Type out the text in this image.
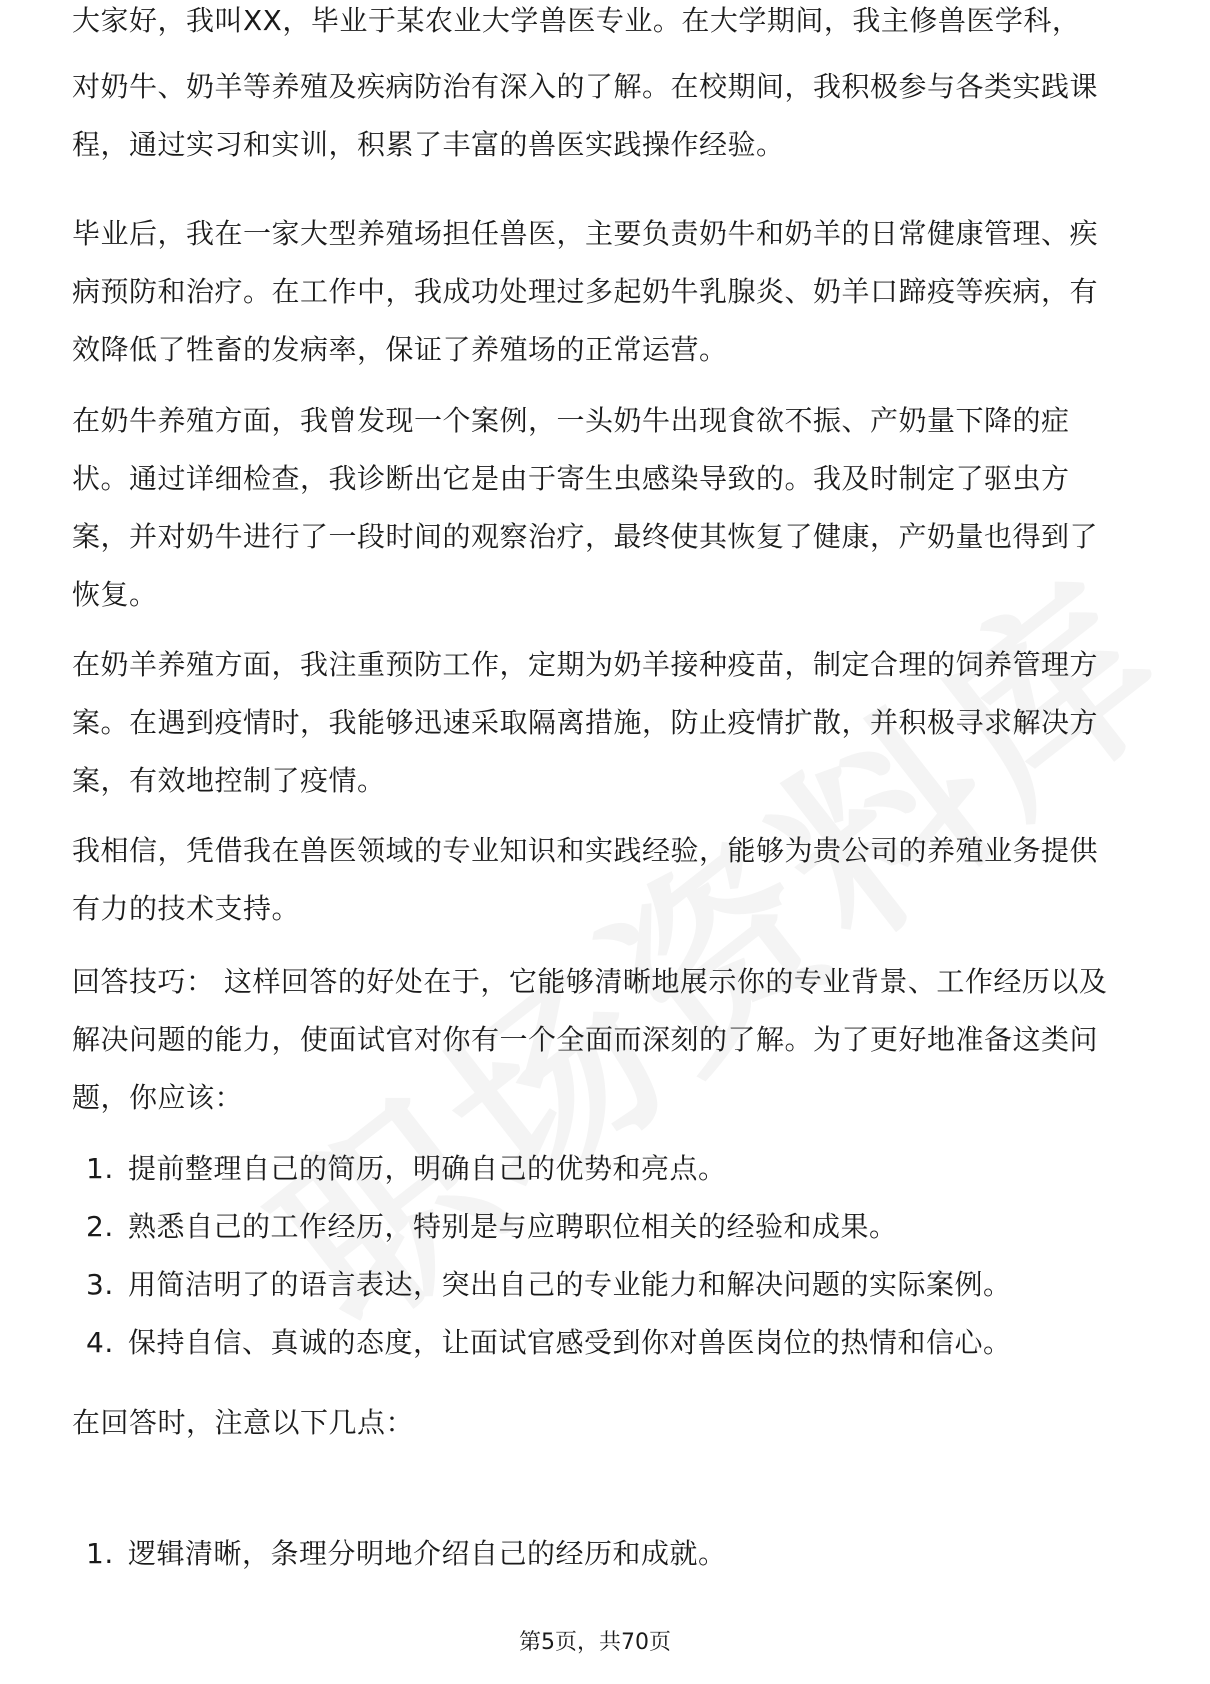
大家好，我叫XX，毕业于某农业大学兽医专业。在大学期间，我主修兽医学科，

对奶牛、奶羊等养殖及疾病防治有深入的了解。在校期间，我积极参与各类实践课程，通过实习和实训，积累了丰富的兽医实践操作经验。

毕业后，我在一家大型养殖场担任兽医，主要负责奶牛和奶羊的日常健康管理、疾病预防和治疗。在工作中，我成功处理过多起奶牛乳腺炎、奶羊口蹄疫等疾病，有效降低了牲畜的发病率，保证了养殖场的正常运营。

在奶牛养殖方面，我曾发现一个案例，一头奶牛出现食欲不振、产奶量下降的症状。通过详细检查，我诊断出它是由于寄生虫感染导致的。我及时制定了驱虫方案，并对奶牛进行了一段时间的观察治疗，最终使其恢复了健康，产奶量也得到了恢复。

在奶羊养殖方面，我注重预防工作，定期为奶羊接种疫苗，制定合理的饲养管理方案。在遇到疫情时，我能够迅速采取隔离措施，防止疫情扩散，并积极寻求解决方案，有效地控制了疫情。

我相信，凭借我在兽医领域的专业知识和实践经验，能够为贵公司的养殖业务提供有力的技术支持。

回答技巧： 这样回答的好处在于，它能够清晰地展示你的专业背景、工作经历以及解决问题的能力，使面试官对你有一个全面而深刻的了解。为了更好地准备这类问题，你应该：

1. 提前整理自己的简历，明确自己的优势和亮点。
2. 熟悉自己的工作经历，特别是与应聘职位相关的经验和成果。
3. 用简洁明了的语言表达，突出自己的专业能力和解决问题的实际案例。
4. 保持自信、真诚的态度，让面试官感受到你对兽医岗位的热情和信心。

在回答时，注意以下几点：

1. 逻辑清晰，条理分明地介绍自己的经历和成就。
第5页，共70页
